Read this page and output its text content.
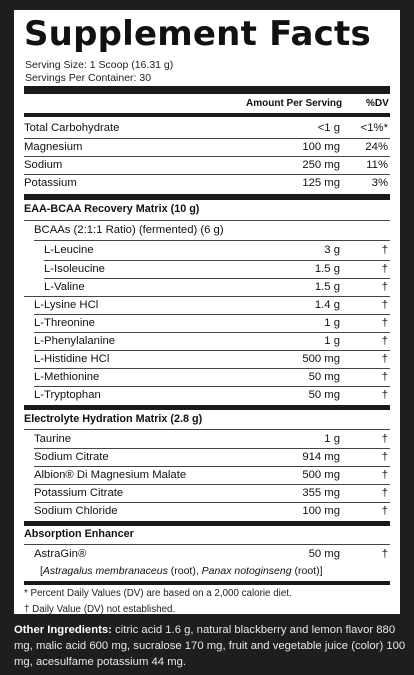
Supplement Facts
Serving Size: 1 Scoop (16.31 g)
Servings Per Container: 30
Amount Per Serving %DV
Total Carbohydrate	<1 g <1%*
Magnesium	100 mg 24%
Sodium	250 mg 11%
Potassium	125 mg	3%
EAA-BCAA Recovery Matrix (10 g)
BCAAs (2:1:1 Ratio) (fermented) (6 g)
L-Leucine	3 g	†
L-Isoleucine	1.5 g	†
L-Valine	1.5 g	†
L-Lysine HCl	1.4 g	†
L-Threonine	1 g	†
L-Phenylalanine	1 g	†
L-Histidine HCl	500 mg	†
L-Methionine	50 mg	†
L-Tryptophan	50 mg	†
Electrolyte Hydration Matrix (2.8 g)
Taurine	1 g	†
Sodium Citrate	914 mg	†
Albion® Di Magnesium Malate	500 mg	†
Potassium Citrate	355 mg	†
Sodium Chloride	100 mg	†
Absorption Enhancer
AstraGin®	50 mg	†
[Astragalus membranaceus (root), Panax notoginseng (root)]
* Percent Daily Values (DV) are based on a 2,000 calorie diet.
† Daily Value (DV) not established.
Other Ingredients: citric acid 1.6 g, natural blackberry and lemon flavor 880 mg, malic acid 600 mg, sucralose 170 mg, fruit and vegetable juice (color) 100 mg, acesulfame potassium 44 mg.
